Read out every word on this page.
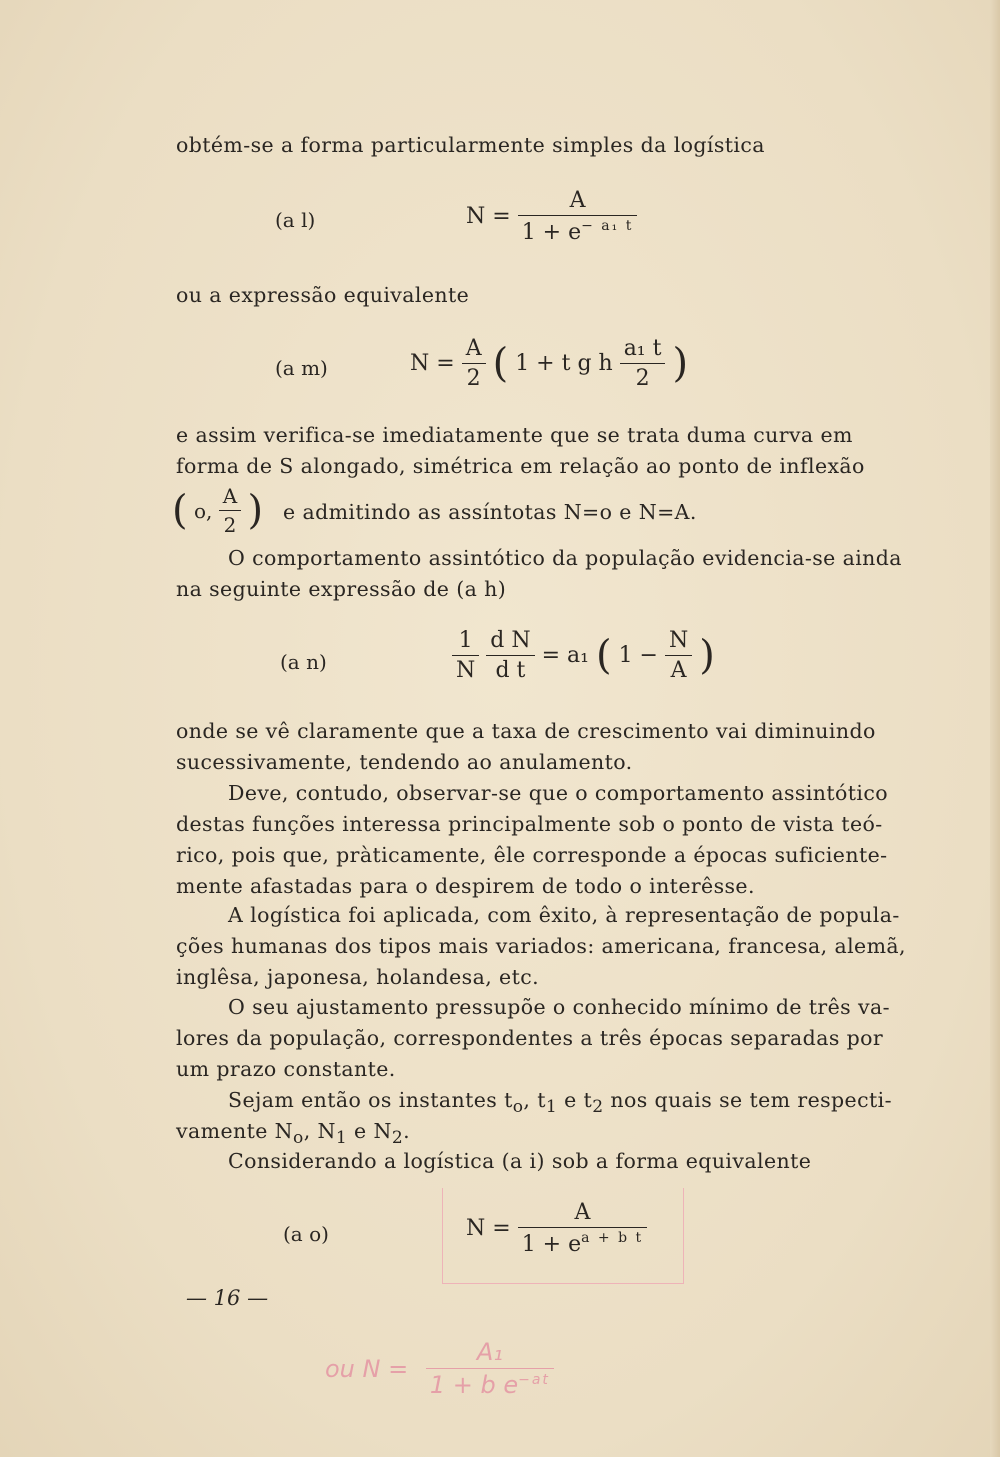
obtém-se a forma particularmente simples da logística
(a l)	$N = \frac{A}{1 + e^{- a_1 t}}$
ou a expressão equivalente
(a m)	$N = \frac{A}{2}$ ( 1 + t g h $\frac{\text{a₁ t}}{2}$ )
e assim verifica-se imediatamente que se trata duma curva em
forma de S alongado, simétrica em relação ao ponto de inflexão
( o, $\frac{A}{2}$ ) e admitindo as assíntotas N=o e N=A.
O comportamento assintótico da população evidencia-se ainda
na seguinte expressão de (a h)
(a n)	$\frac{1}{N}$
$\frac{\text{d N}}{\text{d t}} = a_1$ ( $1 - \frac{N}{A}$ )
onde se vê claramente que a taxa de crescimento vai diminuindo
sucessivamente, tendendo ao anulamento.
Deve, contudo, observar-se que o comportamento assintótico
destas funções interessa principalmente sob o ponto de vista teó-
rico, pois que, pràticamente, êle corresponde a épocas suficiente-
mente afastadas para o despirem de todo o interêsse.
A logística foi aplicada, com êxito, à representação de popula-
ções humanas dos tipos mais variados: americana, francesa, alemã,
inglêsa, japonesa, holandesa, etc.
O seu ajustamento pressupõe o conhecido mínimo de três va-
lores da população, correspondentes a três épocas separadas por
um prazo constante.
Sejam então os instantes $t_o$, $t_1$ e $t_2$ nos quais se tem respecti-
vamente $N_o$, $N_1$ e $N_2$.
Considerando a logística (a i) sob a forma equivalente
(a o)	$N = \frac{A}{1 + e^{a + b t}}$
— 16 —
ou $N = \frac{\text{A₁}}{1 + b e^{-at}}$
